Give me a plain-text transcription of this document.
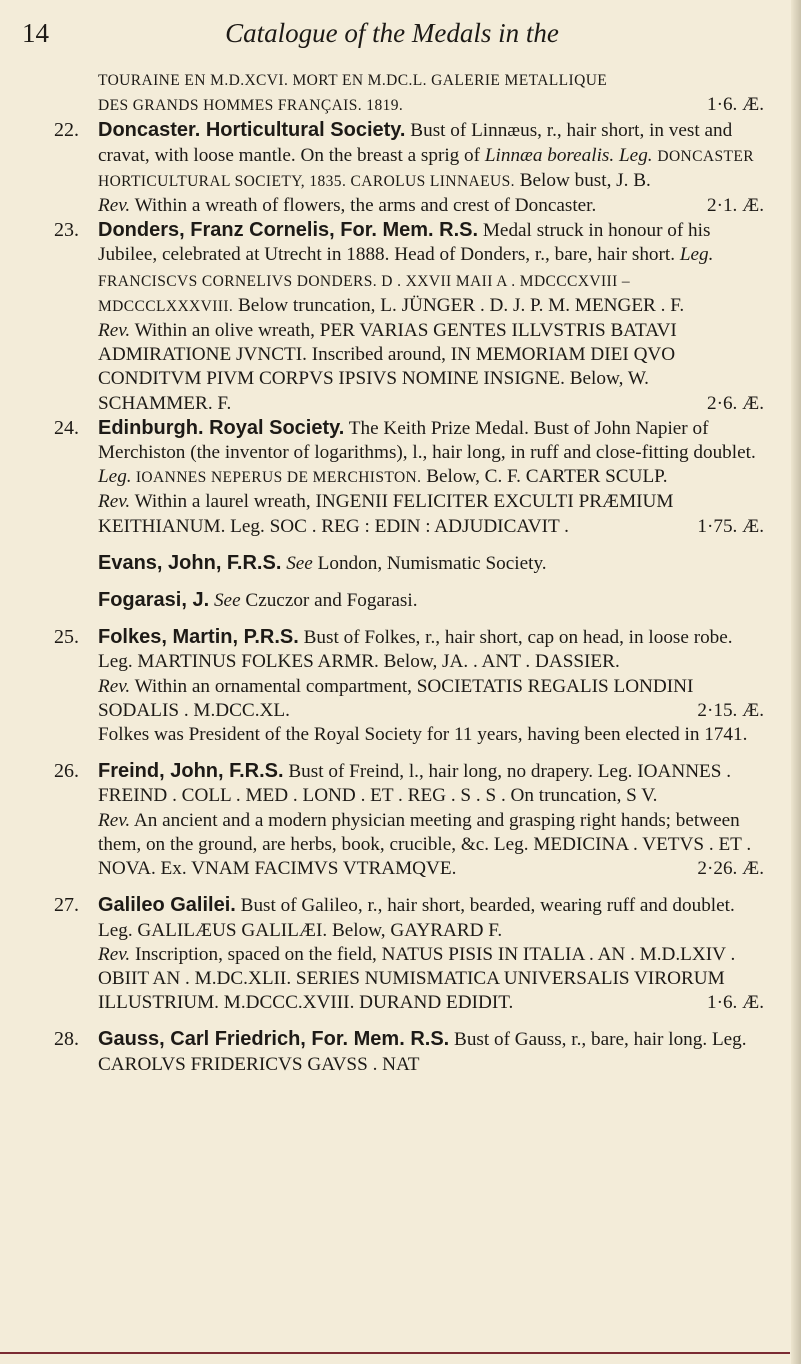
14	Catalogue of the Medals in the

TOURAINE EN M.D.XCVI. MORT EN M.DC.L. GALERIE METALLIQUE

DES GRANDS HOMMES FRANÇAIS. 1819.	1·6. Æ.

22. Doncaster. Horticultural Society. Bust of Linnæus, r., hair short, in vest and cravat, with loose mantle. On the breast a sprig of Linnæa borealis. Leg. DONCASTER HORTICULTURAL SOCIETY, 1835. CAROLUS LINNAEUS. Below bust, J. B.

Rev. Within a wreath of flowers, the arms and crest of Doncaster.	2·1. Æ.

23. Donders, Franz Cornelis, For. Mem. R.S. Medal struck in honour of his Jubilee, celebrated at Utrecht in 1888. Head of Donders, r., bare, hair short. Leg. FRANCISCVS CORNELIVS DONDERS. D . XXVII MAII A . MDCCCXVIII – MDCCCLXXXVIII. Below truncation, L. JÜNGER . D. J. P. M. MENGER . F.

Rev. Within an olive wreath, PER VARIAS GENTES ILLVSTRIS BATAVI ADMIRATIONE JVNCTI. Inscribed around, IN MEMORIAM DIEI QVO CONDITVM PIVM CORPVS IPSIVS NOMINE INSIGNE. Below, W. SCHAMMER. F.	2·6. Æ.

24. Edinburgh. Royal Society. The Keith Prize Medal. Bust of John Napier of Merchiston (the inventor of logarithms), l., hair long, in ruff and close-fitting doublet. Leg. IOANNES NEPERUS DE MERCHISTON. Below, C. F. CARTER SCULP.

Rev. Within a laurel wreath, INGENII FELICITER EXCULTI PRÆMIUM KEITHIANUM. Leg. SOC . REG : EDIN : ADJUDICAVIT .	1·75. Æ.

Evans, John, F.R.S. See London, Numismatic Society.
Fogarasi, J. See Czuczor and Fogarasi.
25. Folkes, Martin, P.R.S. Bust of Folkes, r., hair short, cap on head, in loose robe. Leg. MARTINUS FOLKES ARMR. Below, JA. . ANT . DASSIER.

Rev. Within an ornamental compartment, SOCIETATIS REGALIS LONDINI SODALIS . M.DCC.XL.	2·15. Æ.

Folkes was President of the Royal Society for 11 years, having been elected in 1741.

26. Freind, John, F.R.S. Bust of Freind, l., hair long, no drapery. Leg. IOANNES . FREIND . COLL . MED . LOND . ET . REG . S . S . On truncation, S V.

Rev. An ancient and a modern physician meeting and grasping right hands; between them, on the ground, are herbs, book, crucible, &c. Leg. MEDICINA . VETVS . ET . NOVA. Ex. VNAM FACIMVS VTRAMQVE.	2·26. Æ.

27. Galileo Galilei. Bust of Galileo, r., hair short, bearded, wearing ruff and doublet. Leg. GALILÆUS GALILÆI. Below, GAYRARD F.

Rev. Inscription, spaced on the field, NATUS PISIS IN ITALIA . AN . M.D.LXIV . OBIIT AN . M.DC.XLII. SERIES NUMISMATICA UNIVERSALIS VIRORUM ILLUSTRIUM. M.DCCC.XVIII. DURAND EDIDIT.	1·6. Æ.

28. Gauss, Carl Friedrich, For. Mem. R.S. Bust of Gauss, r., bare, hair long. Leg. CAROLVS FRIDERICVS GAVSS . NAT
